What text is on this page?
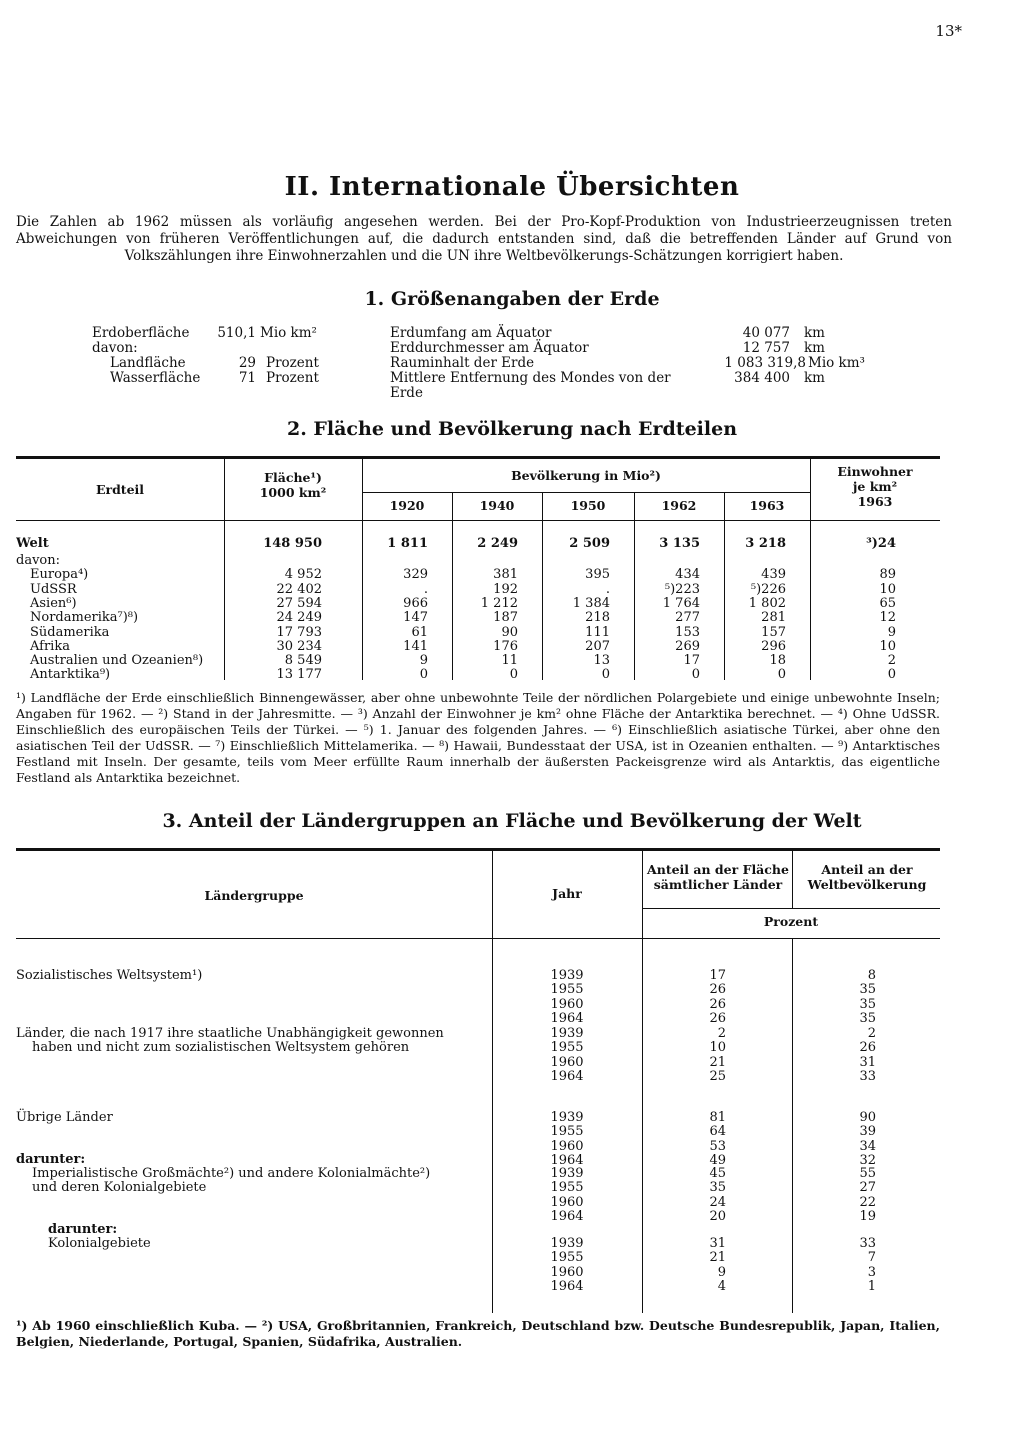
13*
II. Internationale Übersichten
Die Zahlen ab 1962 müssen als vorläufig angesehen werden. Bei der Pro-Kopf-Produktion von Industrieerzeugnissen treten Abweichungen von früheren Veröffentlichungen auf, die dadurch entstanden sind, daß die betreffenden Länder auf Grund von Volkszählungen ihre Einwohnerzahlen und die UN ihre Weltbevölkerungs-Schätzungen korrigiert haben.
1. Größenangaben der Erde
Erdoberfläche	510,1 Mio km²
davon:
Landfläche	29 Prozent
Wasserfläche	71 Prozent
Erdumfang am Äquator	40 077	km
Erddurchmesser am Äquator	12 757	km
Rauminhalt der Erde	1 083 319,8 Mio km³
Mittlere Entfernung des Mondes von der Erde
384 400	km
2. Fläche und Bevölkerung nach Erdteilen
Erdteil
Fläche¹)
1000 km²
Bevölkerung in Mio²)	Einwohner
je km²
1963
1920	1940	1950	1962	1963
Welt	148 950	1 811	2 249	2 509	3 135	3 218	³)24
davon:
Europa⁴)	4 952	329	381	395	434	439	89
UdSSR	22 402	.	192	.	⁵)223	⁵)226	10
Asien⁶)	27 594	966	1 212	1 384	1 764	1 802	65
Nordamerika⁷)⁸)	24 249	147	187	218	277	281	12
Südamerika	17 793	61	90	111	153	157	9
Afrika	30 234	141	176	207	269	296	10
Australien und Ozeanien⁸)	8 549	9	11	13	17	18	2
Antarktika⁹)	13 177	0	0	0	0	0	0
¹) Landfläche der Erde einschließlich Binnengewässer, aber ohne unbewohnte Teile der nördlichen Polargebiete und einige unbewohnte Inseln; Angaben für 1962. — ²) Stand in der Jahresmitte. — ³) Anzahl der Einwohner je km² ohne Fläche der Antarktika berechnet. — ⁴) Ohne UdSSR. Einschließlich des europäischen Teils der Türkei. — ⁵) 1. Januar des folgenden Jahres. — ⁶) Einschließlich asiatische Türkei, aber ohne den asiatischen Teil der UdSSR. — ⁷) Einschließlich Mittelamerika. — ⁸) Hawaii, Bundesstaat der USA, ist in Ozeanien enthalten. — ⁹) Antarktisches Festland mit Inseln. Der gesamte, teils vom Meer erfüllte Raum innerhalb der äußersten Packeisgrenze wird als Antarktis, das eigentliche Festland als Antarktika bezeichnet.
3. Anteil der Ländergruppen an Fläche und Bevölkerung der Welt
Ländergruppe	Jahr
Anteil an der Fläche sämtlicher Länder
Anteil an der Weltbevölkerung
Prozent
Sozialistisches Weltsystem¹)	1939	17	8
1955	26	35
1960	26	35
1964	26	35
Länder, die nach 1917 ihre staatliche Unabhängigkeit gewonnen
haben und nicht zum sozialistischen Weltsystem gehören
1939	2	2
1955	10	26
1960	21	31
1964	25	33
Übrige Länder	1939	81	90
1955	64	39
1960	53	34
1964	49	32
darunter:
Imperialistische Großmächte²) und andere Kolonialmächte²)
und deren Kolonialgebiete
1939	45	55
1955	35	27
1960	24	22
1964	20	19
darunter:
Kolonialgebiete	1939	31	33
1955	21	7
1960	9	3
1964	4	1
¹) Ab 1960 einschließlich Kuba. — ²) USA, Großbritannien, Frankreich, Deutschland bzw. Deutsche Bundesrepublik, Japan, Italien, Belgien, Niederlande, Portugal, Spanien, Südafrika, Australien.
